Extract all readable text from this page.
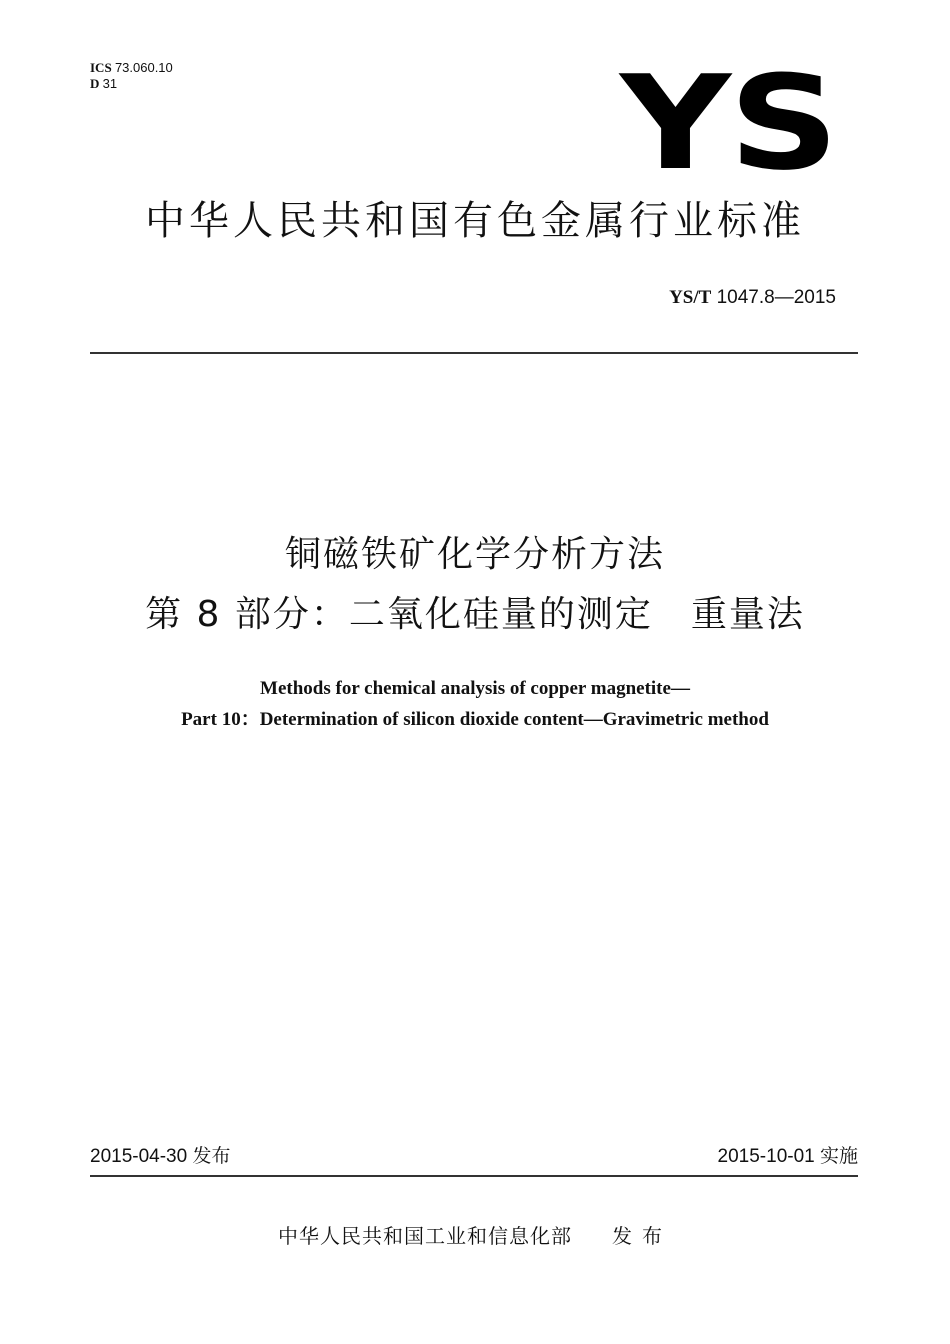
ICS 73.060.10
D 31	YS
中华人民共和国有色金属行业标准
YS/T 1047.8—2015
铜磁铁矿化学分析方法
第 8 部分：二氧化硅量的测定　重量法
Methods for chemical analysis of copper magnetite—
Part 10：Determination of silicon dioxide content—Gravimetric method
2015-04-30 发布	2015-10-01 实施
中华人民共和国工业和信息化部 发布
